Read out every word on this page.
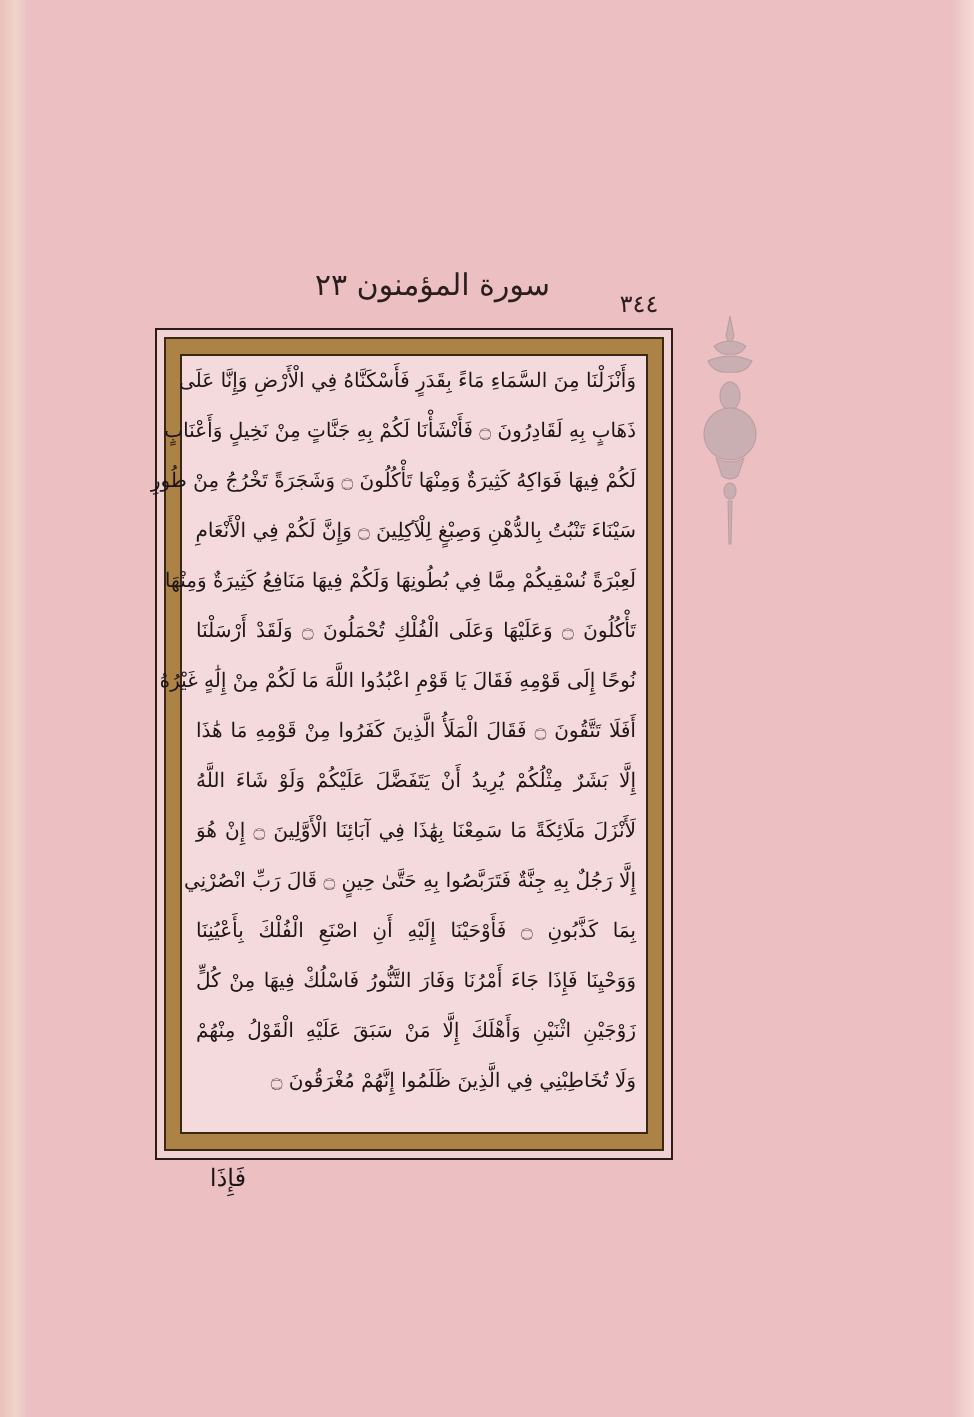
سورة المؤمنون ٢٣
٣٤٤
وَأَنْزَلْنَا مِنَ السَّمَاءِ مَاءً بِقَدَرٍ فَأَسْكَنَّاهُ فِي الْأَرْضِ وَإِنَّا عَلَى
ذَهَابٍ بِهِ لَقَادِرُونَ ۝ فَأَنْشَأْنَا لَكُمْ بِهِ جَنَّاتٍ مِنْ نَخِيلٍ وَأَعْنَابٍ
لَكُمْ فِيهَا فَوَاكِهُ كَثِيرَةٌ وَمِنْهَا تَأْكُلُونَ ۝ وَشَجَرَةً تَخْرُجُ مِنْ طُورِ
سَيْنَاءَ تَنْبُتُ بِالدُّهْنِ وَصِبْغٍ لِلْآكِلِينَ ۝ وَإِنَّ لَكُمْ فِي الْأَنْعَامِ
لَعِبْرَةً نُسْقِيكُمْ مِمَّا فِي بُطُونِهَا وَلَكُمْ فِيهَا مَنَافِعُ كَثِيرَةٌ وَمِنْهَا
تَأْكُلُونَ ۝ وَعَلَيْهَا وَعَلَى الْفُلْكِ تُحْمَلُونَ ۝ وَلَقَدْ أَرْسَلْنَا
نُوحًا إِلَى قَوْمِهِ فَقَالَ يَا قَوْمِ اعْبُدُوا اللَّهَ مَا لَكُمْ مِنْ إِلَٰهٍ غَيْرُهُ
أَفَلَا تَتَّقُونَ ۝ فَقَالَ الْمَلَأُ الَّذِينَ كَفَرُوا مِنْ قَوْمِهِ مَا هَٰذَا
إِلَّا بَشَرٌ مِثْلُكُمْ يُرِيدُ أَنْ يَتَفَضَّلَ عَلَيْكُمْ وَلَوْ شَاءَ اللَّهُ
لَأَنْزَلَ مَلَائِكَةً مَا سَمِعْنَا بِهَٰذَا فِي آبَائِنَا الْأَوَّلِينَ ۝ إِنْ هُوَ
إِلَّا رَجُلٌ بِهِ جِنَّةٌ فَتَرَبَّصُوا بِهِ حَتَّىٰ حِينٍ ۝ قَالَ رَبِّ انْصُرْنِي
بِمَا كَذَّبُونِ ۝ فَأَوْحَيْنَا إِلَيْهِ أَنِ اصْنَعِ الْفُلْكَ بِأَعْيُنِنَا
وَوَحْيِنَا فَإِذَا جَاءَ أَمْرُنَا وَفَارَ التَّنُّورُ فَاسْلُكْ فِيهَا مِنْ كُلٍّ
زَوْجَيْنِ اثْنَيْنِ وَأَهْلَكَ إِلَّا مَنْ سَبَقَ عَلَيْهِ الْقَوْلُ مِنْهُمْ
وَلَا تُخَاطِبْنِي فِي الَّذِينَ ظَلَمُوا إِنَّهُمْ مُغْرَقُونَ ۝
فَإِذَا
